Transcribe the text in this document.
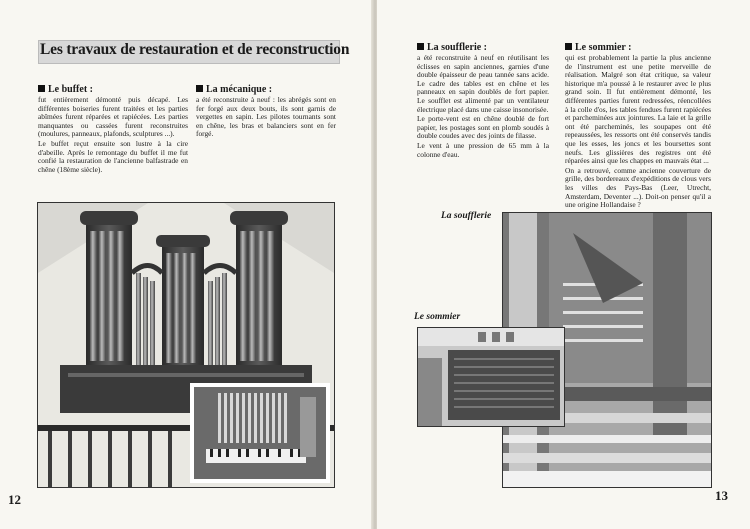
Les travaux de restauration et de reconstruction
Le buffet :

fut entièrement démonté puis décapé. Les différentes boiseries furent traitées et les parties abîmées furent réparées et rapiécées. Les parties manquantes ou cassées furent reconstruites (moulures, panneaux, plafonds, sculptures ...).

Le buffet reçut ensuite son lustre à la cire d'abeille. Après le remontage du buffet il me fut confié la restauration de l'ancienne balfastrade en chêne (18ème siècle).

La mécanique :

a été reconstruite à neuf : les abrégés sont en fer forgé aux deux bouts, ils sont garnis de vergettes en sapin. Les pilotes tournants sont en chêne, les bras et balanciers sont en fer forgé.

12
La soufflerie :

a été reconstruite à neuf en réutilisant les éclisses en sapin anciennes, garnies d'une double épaisseur de peau tannée sans acide. Le cadre des tables est en chêne et les panneaux en sapin doublés de fort papier. Le soufflet est alimenté par un ventilateur électrique placé dans une caisse insonorisée.

Le porte-vent est en chêne doublé de fort papier, les postages sont en plomb soudés à double coudes avec des joints de filasse.

Le vent à une pression de 65 mm à la colonne d'eau.

Le sommier :

qui est probablement la partie la plus ancienne de l'instrument est une petite merveille de réalisation. Malgré son état critique, sa valeur historique m'a poussé à le restaurer avec le plus grand soin. Il fut entièrement démonté, les différentes parties furent redressées, réencollées à la colle d'os, les tables fendues furent rapiécées et parcheminées aux jointures. La laie et la grille ont été parcheminés, les soupapes ont été repeaussées, les ressorts ont été conservés tandis que les esses, les joncs et les boursettes sont neufs. Les glissières des registres ont été réparées ainsi que les chappes en mauvais état ...

On a retrouvé, comme ancienne couverture de grille, des bordereaux d'expéditions de clous vers les villes des Pays-Bas (Leer, Utrecht, Amsterdam, Deventer ...). Doit-on penser qu'il a une origine Hollandaise ?

La soufflerie
Le sommier
13
